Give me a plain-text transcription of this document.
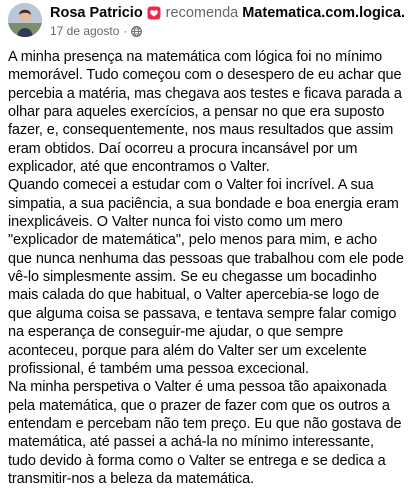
Rosa Patricio recomenda Matematica.com.logica.
17 de agosto ·

A minha presença na matemática com lógica foi no mínimo memorável. Tudo começou com o desespero de eu achar que percebia a matéria, mas chegava aos testes e ficava parada a olhar para aqueles exercícios, a pensar no que era suposto fazer, e, consequentemente, nos maus resultados que assim eram obtidos. Daí ocorreu a procura incansável por um explicador, até que encontramos o Valter.

Quando comecei a estudar com o Valter foi incrível. A sua simpatia, a sua paciência, a sua bondade e boa energia eram inexplicáveis. O Valter nunca foi visto como um mero "explicador de matemática", pelo menos para mim, e acho que nunca nenhuma das pessoas que trabalhou com ele pode vê-lo simplesmente assim. Se eu chegasse um bocadinho mais calada do que habitual, o Valter apercebia-se logo de que alguma coisa se passava, e tentava sempre falar comigo na esperança de conseguir-me ajudar, o que sempre aconteceu, porque para além do Valter ser um excelente profissional, é também uma pessoa excecional.

Na minha perspetiva o Valter é uma pessoa tão apaixonada pela matemática, que o prazer de fazer com que os outros a entendam e percebam não tem preço. Eu que não gostava de matemática, até passei a achá-la no mínimo interessante, tudo devido à forma como o Valter se entrega e se dedica a transmitir-nos a beleza da matemática.
